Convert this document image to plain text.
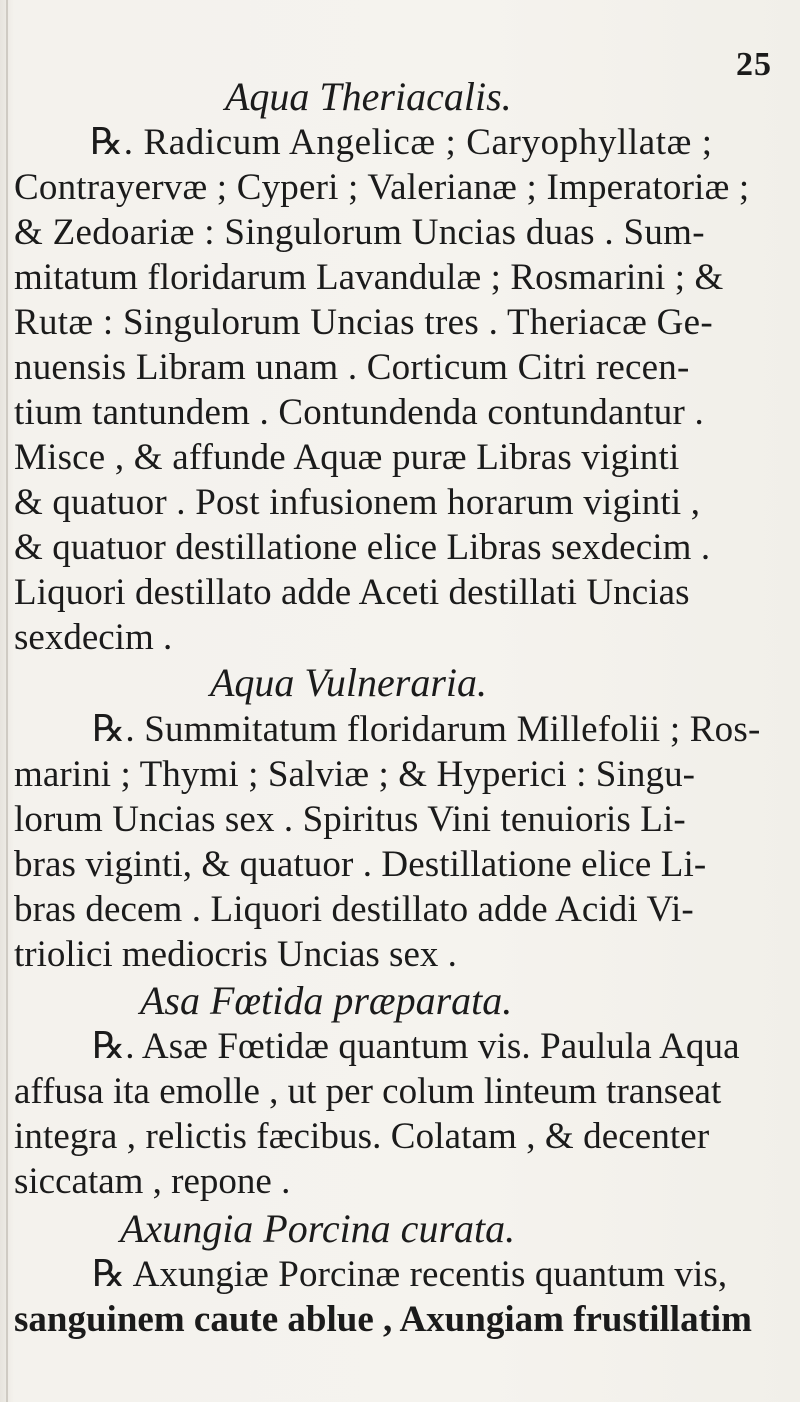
25
Aqua Theriacalis.
℞. Radicum Angelicæ ; Caryophyllatæ ;
Contrayervæ ; Cyperi ; Valerianæ ; Imperatoriæ ;
& Zedoariæ : Singulorum Uncias duas . Sum-
mitatum floridarum Lavandulæ ; Rosmarini ; &
Rutæ : Singulorum Uncias tres . Theriacæ Ge-
nuensis Libram unam . Corticum Citri recen-
tium tantundem . Contundenda contundantur .
Misce , & affunde Aquæ puræ Libras viginti
& quatuor . Post infusionem horarum viginti ,
& quatuor destillatione elice Libras sexdecim .
Liquori destillato adde Aceti destillati Uncias
sexdecim .
Aqua Vulneraria.
℞. Summitatum floridarum Millefolii ; Ros-
marini ; Thymi ; Salviæ ; & Hyperici : Singu-
lorum Uncias sex . Spiritus Vini tenuioris Li-
bras viginti, & quatuor . Destillatione elice Li-
bras decem . Liquori destillato adde Acidi Vi-
triolici mediocris Uncias sex .
Asa Fœtida præparata.
℞. Asæ Fœtidæ quantum vis. Paulula Aqua
affusa ita emolle , ut per colum linteum transeat
integra , relictis fæcibus. Colatam , & decenter
siccatam , repone .
Axungia Porcina curata.
℞ Axungiæ Porcinæ recentis quantum vis,
sanguinem caute ablue , Axungiam frustillatim
